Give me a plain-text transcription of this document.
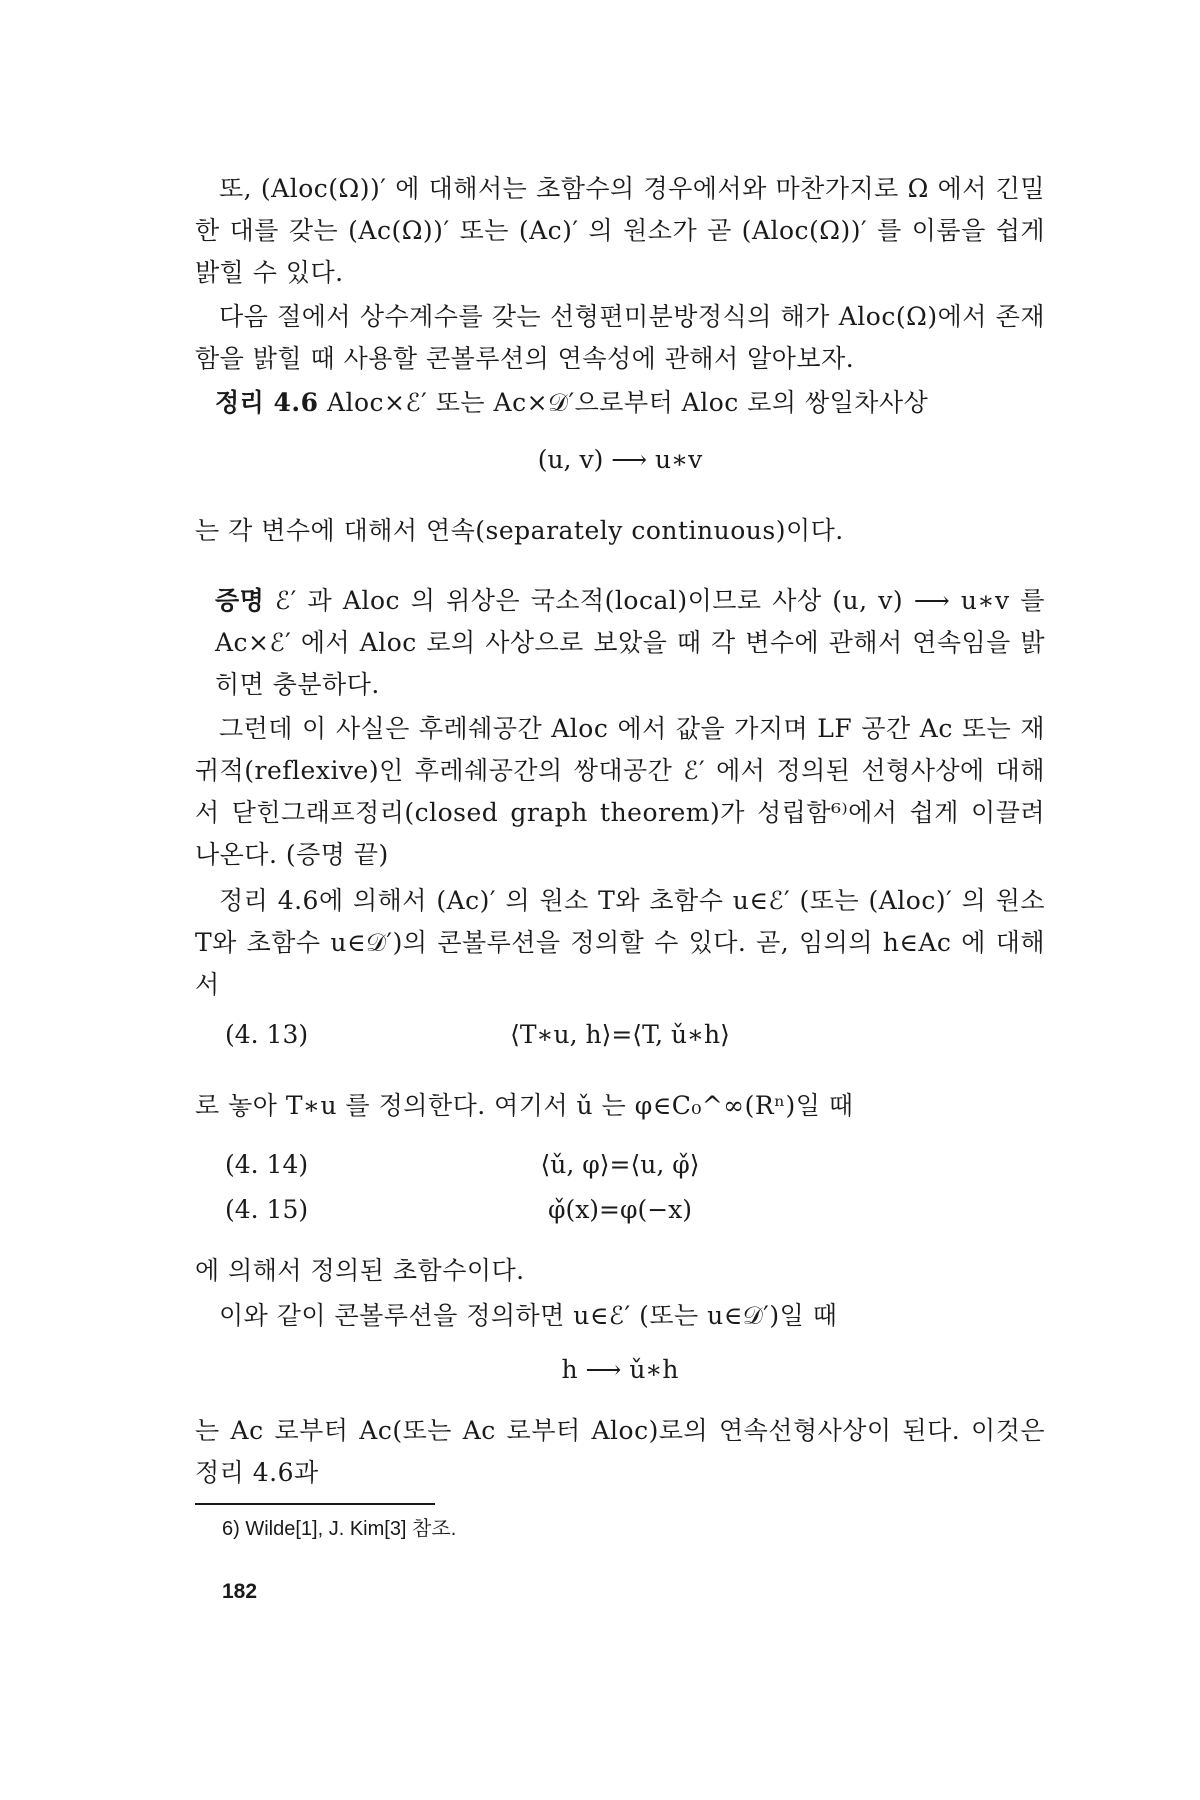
또, (Aloc(Ω))′ 에 대해서는 초함수의 경우에서와 마찬가지로 Ω 에서 긴밀한 대를 갖는 (Ac(Ω))′ 또는 (Ac)′ 의 원소가 곧 (Aloc(Ω))′ 를 이룸을 쉽게 밝힐 수 있다.

다음 절에서 상수계수를 갖는 선형편미분방정식의 해가 Aloc(Ω)에서 존재함을 밝힐 때 사용할 콘볼루션의 연속성에 관해서 알아보자.

정리 4.6 Aloc×ℰ′ 또는 Ac×𝒟′으로부터 Aloc 로의 쌍일차사상

(u, v) ⟶ u∗v

는 각 변수에 대해서 연속(separately continuous)이다.

증명 ℰ′ 과 Aloc 의 위상은 국소적(local)이므로 사상 (u, v) ⟶ u∗v 를 Ac×ℰ′ 에서 Aloc 로의 사상으로 보았을 때 각 변수에 관해서 연속임을 밝히면 충분하다.

그런데 이 사실은 후레쉐공간 Aloc 에서 값을 가지며 LF 공간 Ac 또는 재귀적(reflexive)인 후레쉐공간의 쌍대공간 ℰ′ 에서 정의된 선형사상에 대해서 닫힌그래프정리(closed graph theorem)가 성립함⁶⁾에서 쉽게 이끌려 나온다. (증명 끝)

정리 4.6에 의해서 (Ac)′ 의 원소 T와 초함수 u∈ℰ′ (또는 (Aloc)′ 의 원소 T와 초함수 u∈𝒟′)의 콘볼루션을 정의할 수 있다. 곧, 임의의 h∈Ac 에 대해서

(4. 13)	⟨T∗u, h⟩=⟨T, ǔ∗h⟩

로 놓아 T∗u 를 정의한다. 여기서 ǔ 는 φ∈C₀^∞(Rⁿ)일 때

(4. 14)	⟨ǔ, φ⟩=⟨u, φ̌⟩
(4. 15)	φ̌(x)=φ(−x)

에 의해서 정의된 초함수이다.

이와 같이 콘볼루션을 정의하면 u∈ℰ′ (또는 u∈𝒟′)일 때

h ⟶ ǔ∗h

는 Ac 로부터 Ac(또는 Ac 로부터 Aloc)로의 연속선형사상이 된다. 이것은 정리 4.6과

6) Wilde[1], J. Kim[3] 참조.
182
